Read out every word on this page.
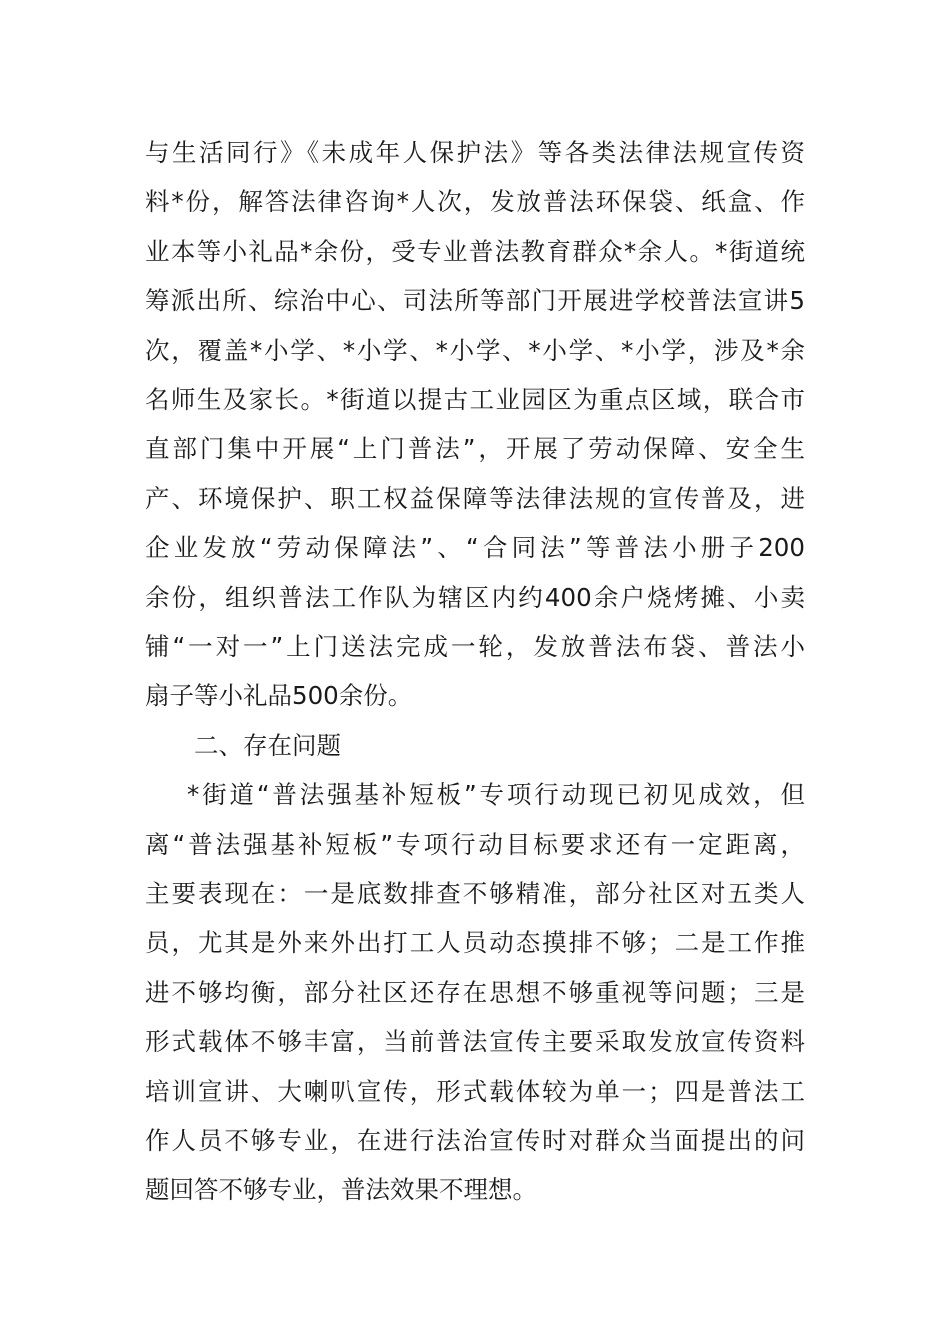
与生活同行》《未成年人保护法》等各类法律法规宣传资
料*份，解答法律咨询*人次，发放普法环保袋、纸盒、作
业本等小礼品*余份，受专业普法教育群众*余人。*街道统
筹派出所、综治中心、司法所等部门开展进学校普法宣讲5
次，覆盖*小学、*小学、*小学、*小学、*小学，涉及*余
名师生及家长。*街道以提古工业园区为重点区域，联合市
直部门集中开展“上门普法”，开展了劳动保障、安全生
产、环境保护、职工权益保障等法律法规的宣传普及，进
企业发放“劳动保障法”、“合同法”等普法小册子200
余份，组织普法工作队为辖区内约400余户烧烤摊、小卖
铺“一对一”上门送法完成一轮，发放普法布袋、普法小
扇子等小礼品500余份。
二、存在问题
*街道“普法强基补短板”专项行动现已初见成效，但
离“普法强基补短板”专项行动目标要求还有一定距离，
主要表现在：一是底数排查不够精准，部分社区对五类人
员，尤其是外来外出打工人员动态摸排不够；二是工作推
进不够均衡，部分社区还存在思想不够重视等问题；三是
形式载体不够丰富，当前普法宣传主要采取发放宣传资料
培训宣讲、大喇叭宣传，形式载体较为单一；四是普法工
作人员不够专业，在进行法治宣传时对群众当面提出的问
题回答不够专业，普法效果不理想。
